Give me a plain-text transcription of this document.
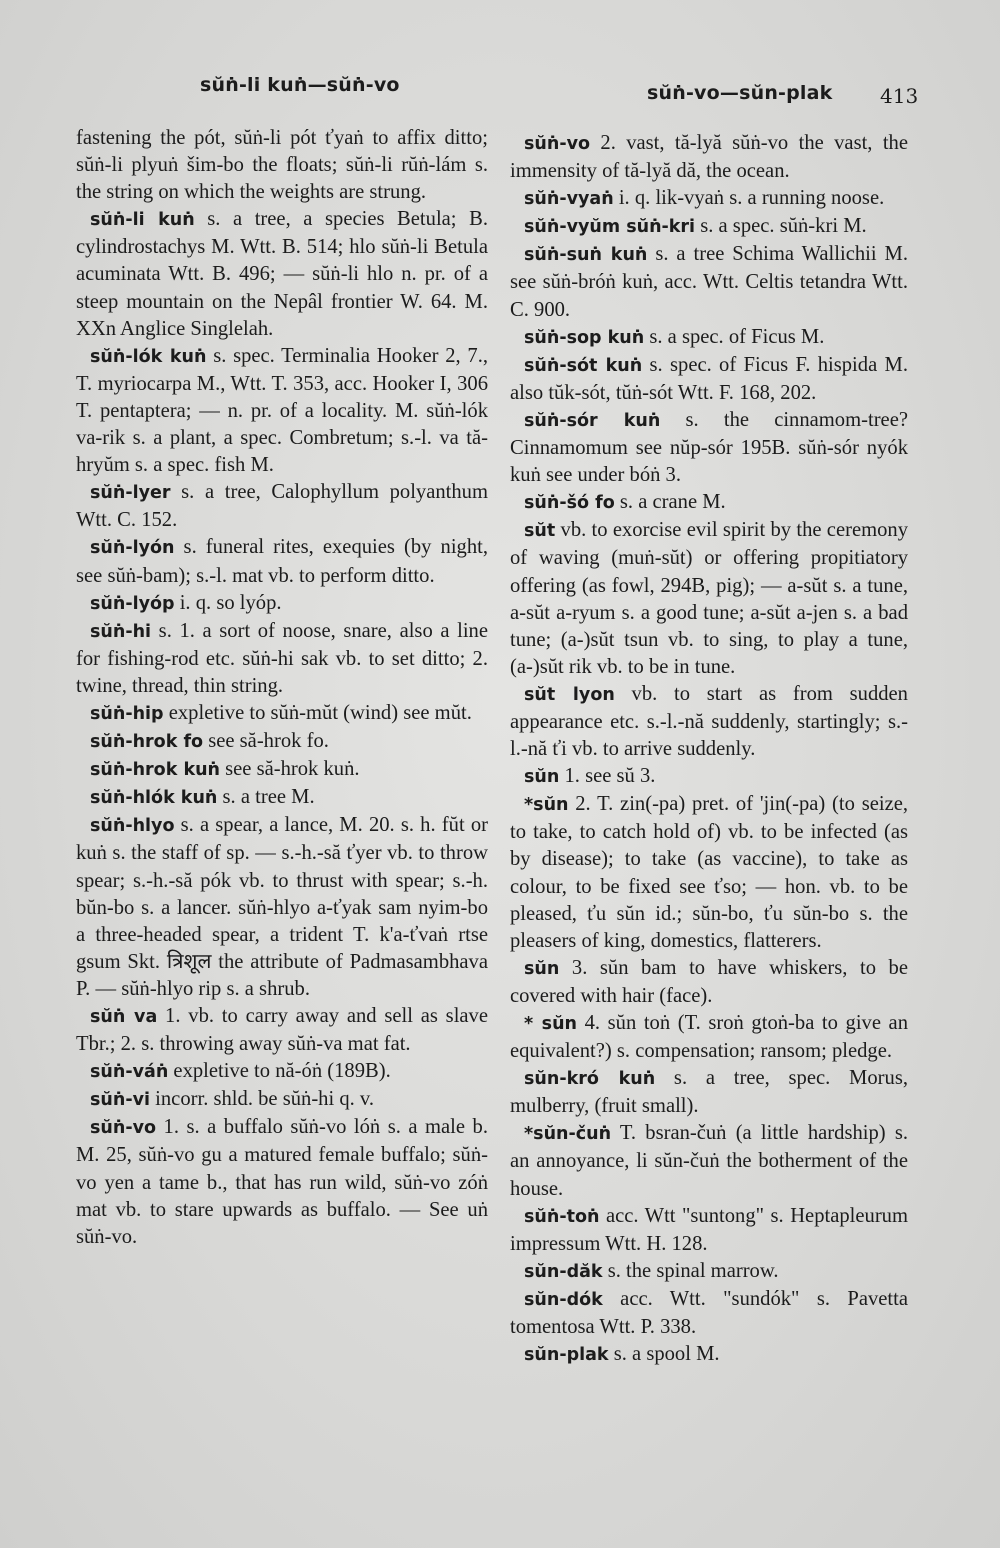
sŭṅ-li kuṅ—sŭṅ-vo	sŭṅ-vo—sŭn-plak 413

fastening the pót, sŭṅ-li pót ťyaṅ to affix ditto; sŭṅ-li plyuṅ šim-bo the floats; sŭṅ-li rŭṅ-lám s. the string on which the weights are strung.

sŭṅ-li kuṅ s. a tree, a species Betula; B. cylindrostachys M. Wtt. B. 514; hlo sŭṅ-li Betula acuminata Wtt. B. 496; — sŭṅ-li hlo n. pr. of a steep mountain on the Nepâl frontier W. 64. M. XXn Anglice Singlelah.

sŭṅ-lók kuṅ s. spec. Terminalia Hooker 2, 7., T. myriocarpa M., Wtt. T. 353, acc. Hooker I, 306 T. pentaptera; — n. pr. of a locality. M. sŭṅ-lók va-rik s. a plant, a spec. Combretum; s.-l. va tă-hryŭm s. a spec. fish M.

sŭṅ-lyer s. a tree, Calophyllum polyanthum Wtt. C. 152.

sŭṅ-lyón s. funeral rites, exequies (by night, see sŭṅ-bam); s.-l. mat vb. to perform ditto.

sŭṅ-lyóp i. q. so lyóp.

sŭṅ-hi s. 1. a sort of noose, snare, also a line for fishing-rod etc. sŭṅ-hi sak vb. to set ditto; 2. twine, thread, thin string.

sŭṅ-hip expletive to sŭṅ-mŭt (wind) see mŭt.

sŭṅ-hrok fo see să-hrok fo.

sŭṅ-hrok kuṅ see să-hrok kuṅ.

sŭṅ-hlók kuṅ s. a tree M.

sŭṅ-hlyo s. a spear, a lance, M. 20. s. h. fŭt or kuṅ s. the staff of sp. — s.-h.-să ťyer vb. to throw spear; s.-h.-să pók vb. to thrust with spear; s.-h. bŭn-bo s. a lancer. sŭṅ-hlyo a-ťyak sam nyim-bo a three-headed spear, a trident T. k'a-ťvaṅ rtse gsum Skt. त्रिशूल the attribute of Padmasambhava P. — sŭṅ-hlyo rip s. a shrub.

sŭṅ va 1. vb. to carry away and sell as slave Tbr.; 2. s. throwing away sŭṅ-va mat fat.

sŭṅ-váṅ expletive to nă-óṅ (189B).

sŭṅ-vi incorr. shld. be sŭṅ-hi q. v.

sŭṅ-vo 1. s. a buffalo sŭṅ-vo lóṅ s. a male b. M. 25, sŭṅ-vo gu a matured female buffalo; sŭṅ-vo yen a tame b., that has run wild, sŭṅ-vo zóṅ mat vb. to stare upwards as buffalo. — See uṅ sŭṅ-vo.

sŭṅ-vo 2. vast, tă-lyă sŭṅ-vo the vast, the immensity of tă-lyă dă, the ocean.

sŭṅ-vyaṅ i. q. lik-vyaṅ s. a running noose.

sŭṅ-vyŭm sŭṅ-kri s. a spec. sŭṅ-kri M.

sŭṅ-suṅ kuṅ s. a tree Schima Wallichii M. see sŭṅ-bróṅ kuṅ, acc. Wtt. Celtis tetandra Wtt. C. 900.

sŭṅ-sop kuṅ s. a spec. of Ficus M.

sŭṅ-sót kuṅ s. spec. of Ficus F. hispida M. also tŭk-sót, tŭṅ-sót Wtt. F. 168, 202.

sŭṅ-sór kuṅ s. the cinnamom-tree? Cinnamomum see nŭp-sór 195B. sŭṅ-sór nyók kuṅ see under bóṅ 3.

sŭṅ-šó fo s. a crane M.

sŭt vb. to exorcise evil spirit by the ceremony of waving (muṅ-sŭt) or offering propitiatory offering (as fowl, 294B, pig); — a-sŭt s. a tune, a-sŭt a-ryum s. a good tune; a-sŭt a-jen s. a bad tune; (a-)sŭt tsun vb. to sing, to play a tune, (a-)sŭt rik vb. to be in tune.

sŭt lyon vb. to start as from sudden appearance etc. s.-l.-nă suddenly, startingly; s.-l.-nă ťi vb. to arrive suddenly.

sŭn 1. see sŭ 3.

*sŭn 2. T. zin(-pa) pret. of 'jin(-pa) (to seize, to take, to catch hold of) vb. to be infected (as by disease); to take (as vaccine), to take as colour, to be fixed see ťso; — hon. vb. to be pleased, ťu sŭn id.; sŭn-bo, ťu sŭn-bo s. the pleasers of king, domestics, flatterers.

sŭn 3. sŭn bam to have whiskers, to be covered with hair (face).

* sŭn 4. sŭn toṅ (T. sroṅ gtoṅ-ba to give an equivalent?) s. compensation; ransom; pledge.

sŭn-kró kuṅ s. a tree, spec. Morus, mulberry, (fruit small).

*sŭn-čuṅ T. bsran-čuṅ (a little hardship) s. an annoyance, li sŭn-čuṅ the botherment of the house.

sŭṅ-toṅ acc. Wtt "suntong" s. Heptapleurum impressum Wtt. H. 128.

sŭn-dăk s. the spinal marrow.

sŭn-dók acc. Wtt. "sundók" s. Pavetta tomentosa Wtt. P. 338.

sŭn-plak s. a spool M.
